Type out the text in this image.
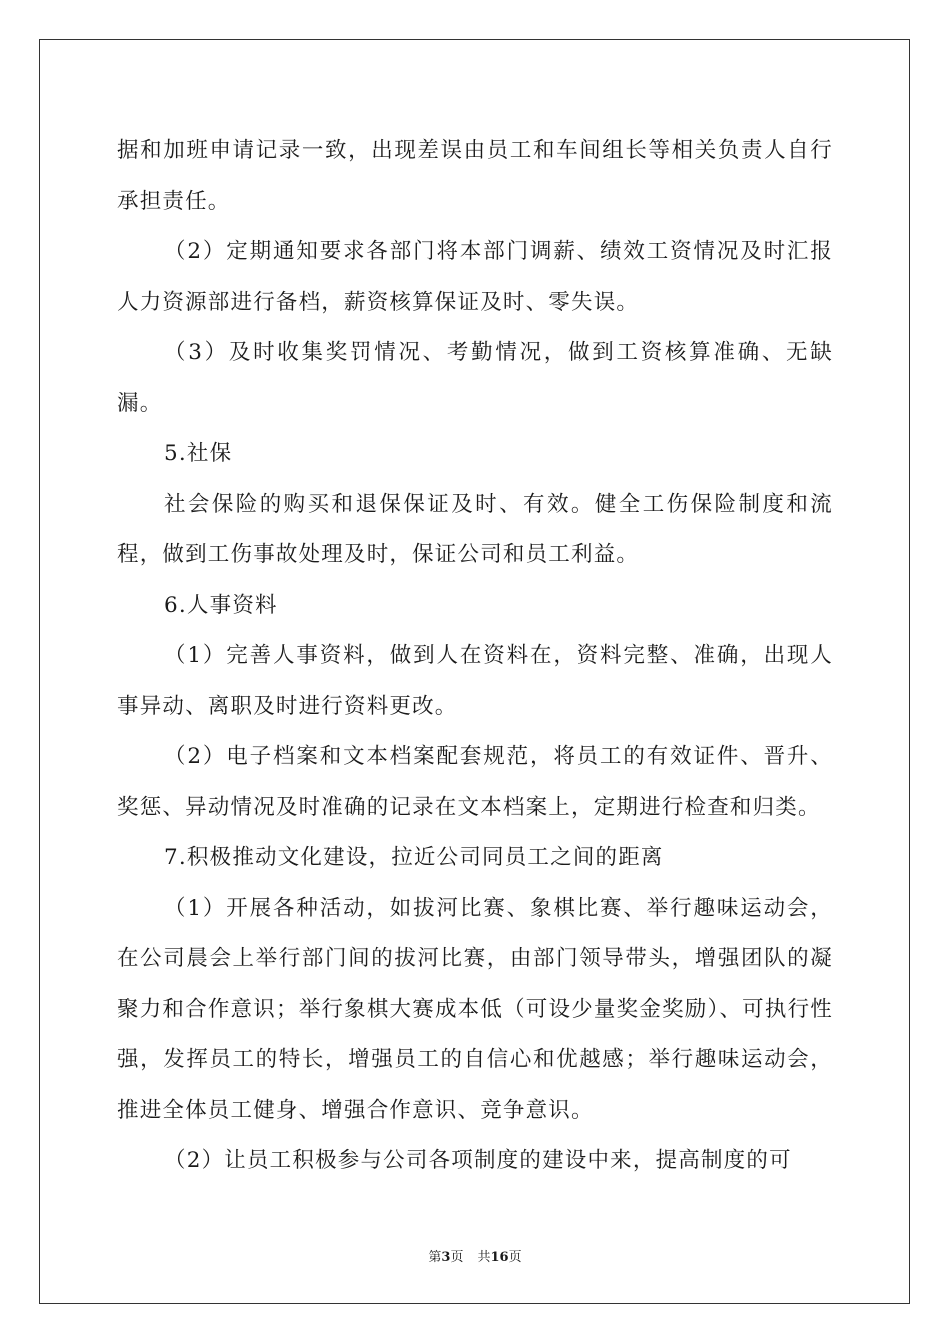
据和加班申请记录一致，出现差误由员工和车间组长等相关负责人自行承担责任。

（2）定期通知要求各部门将本部门调薪、绩效工资情况及时汇报人力资源部进行备档，薪资核算保证及时、零失误。

（3）及时收集奖罚情况、考勤情况，做到工资核算准确、无缺漏。

5.社保

社会保险的购买和退保保证及时、有效。健全工伤保险制度和流程，做到工伤事故处理及时，保证公司和员工利益。

6.人事资料

（1）完善人事资料，做到人在资料在，资料完整、准确，出现人事异动、离职及时进行资料更改。

（2）电子档案和文本档案配套规范，将员工的有效证件、晋升、奖惩、异动情况及时准确的记录在文本档案上，定期进行检查和归类。

7.积极推动文化建设，拉近公司同员工之间的距离

（1）开展各种活动，如拔河比赛、象棋比赛、举行趣味运动会，在公司晨会上举行部门间的拔河比赛，由部门领导带头，增强团队的凝聚力和合作意识；举行象棋大赛成本低（可设少量奖金奖励）、可执行性强，发挥员工的特长，增强员工的自信心和优越感；举行趣味运动会，推进全体员工健身、增强合作意识、竞争意识。

（2）让员工积极参与公司各项制度的建设中来，提高制度的可

第3页 共16页
